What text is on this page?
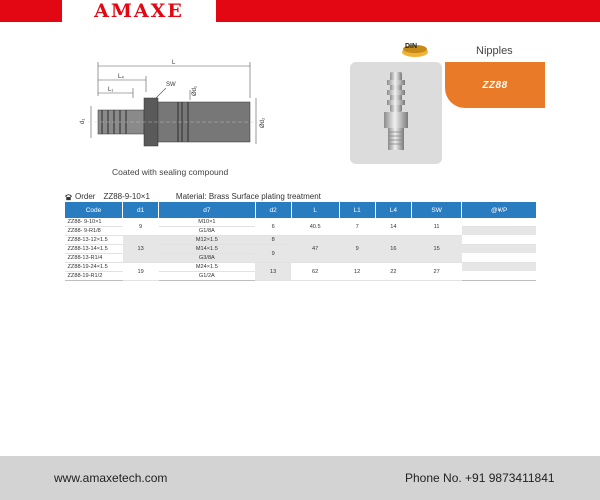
AMAXE
L
L₄
L₁
SW
d₁
Ød₁
Ød₂
Coated with sealing compound
DIN	Nipples
ZZ88
Order ZZ88-9-10×1	Material: Brass Surface plating treatment
Code	d1	d7	d2	L	L1	L4	SW	@¥/P
ZZ88- 9-10×1	9	M10×1	6	40.5	7	14	11	
ZZ88- 9-R1/8		G1/8A						
ZZ88-13-12×1.5	13	M12×1.5	8	47	9	16	15	
ZZ88-13-14×1.5		M14×1.5	9					
ZZ88-13-R1/4		G3/8A						
ZZ88-19-24×1.5	19	M24×1.5	13	62	12	22	27	
ZZ88-19-R1/2		G1/2A						
www.amaxetech.com	Phone No. +91 9873411841
